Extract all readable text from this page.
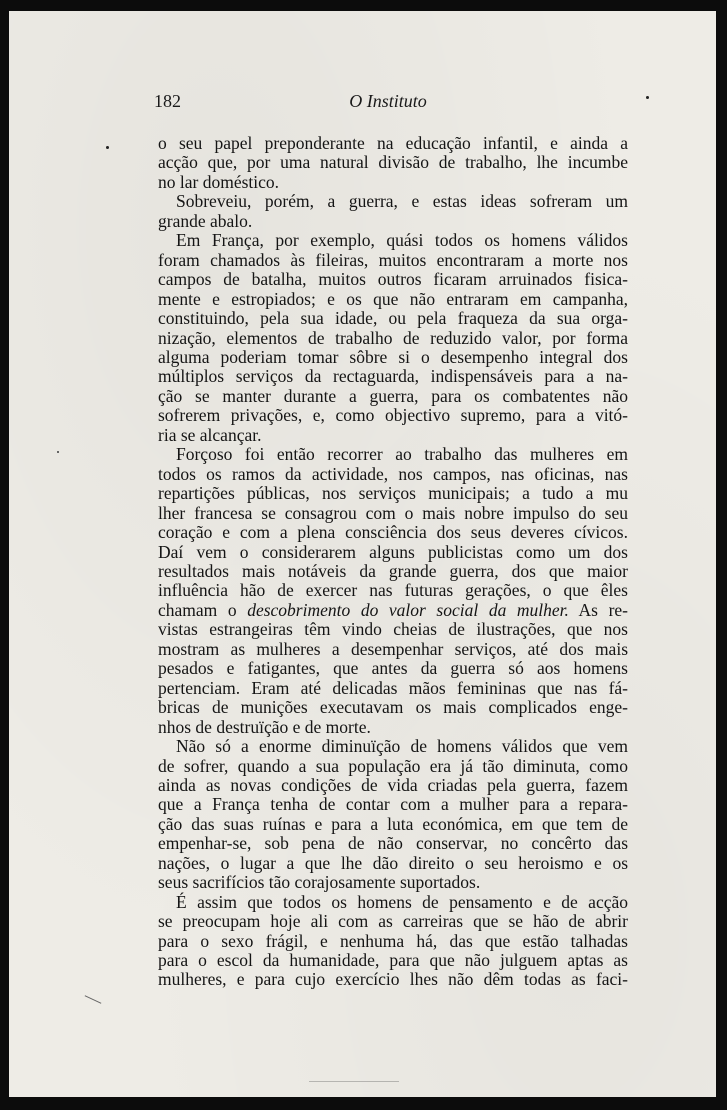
182	O Instituto
o seu papel preponderante na educação infantil, e ainda a
acção que, por uma natural divisão de trabalho, lhe incumbe
no lar doméstico.
Sobreveiu, porém, a guerra, e estas ideas sofreram um
grande abalo.
Em França, por exemplo, quási todos os homens válidos
foram chamados às fileiras, muitos encontraram a morte nos
campos de batalha, muitos outros ficaram arruinados fisica-
mente e estropiados; e os que não entraram em campanha,
constituindo, pela sua idade, ou pela fraqueza da sua orga-
nização, elementos de trabalho de reduzido valor, por forma
alguma poderiam tomar sôbre si o desempenho integral dos
múltiplos serviços da rectaguarda, indispensáveis para a na-
ção se manter durante a guerra, para os combatentes não
sofrerem privações, e, como objectivo supremo, para a vitó-
ria se alcançar.
Forçoso foi então recorrer ao trabalho das mulheres em
todos os ramos da actividade, nos campos, nas oficinas, nas
repartições públicas, nos serviços municipais; a tudo a mu
lher francesa se consagrou com o mais nobre impulso do seu
coração e com a plena consciência dos seus deveres cívicos.
Daí vem o considerarem alguns publicistas como um dos
resultados mais notáveis da grande guerra, dos que maior
influência hão de exercer nas futuras gerações, o que êles
chamam o descobrimento do valor social da mulher. As re-
vistas estrangeiras têm vindo cheias de ilustrações, que nos
mostram as mulheres a desempenhar serviços, até dos mais
pesados e fatigantes, que antes da guerra só aos homens
pertenciam. Eram até delicadas mãos femininas que nas fá-
bricas de munições executavam os mais complicados enge-
nhos de destruïção e de morte.
Não só a enorme diminuïção de homens válidos que vem
de sofrer, quando a sua população era já tão diminuta, como
ainda as novas condições de vida criadas pela guerra, fazem
que a França tenha de contar com a mulher para a repara-
ção das suas ruínas e para a luta económica, em que tem de
empenhar-se, sob pena de não conservar, no concêrto das
nações, o lugar a que lhe dão direito o seu heroismo e os
seus sacrifícios tão corajosamente suportados.
É assim que todos os homens de pensamento e de acção
se preocupam hoje ali com as carreiras que se hão de abrir
para o sexo frágil, e nenhuma há, das que estão talhadas
para o escol da humanidade, para que não julguem aptas as
mulheres, e para cujo exercício lhes não dêm todas as faci-
